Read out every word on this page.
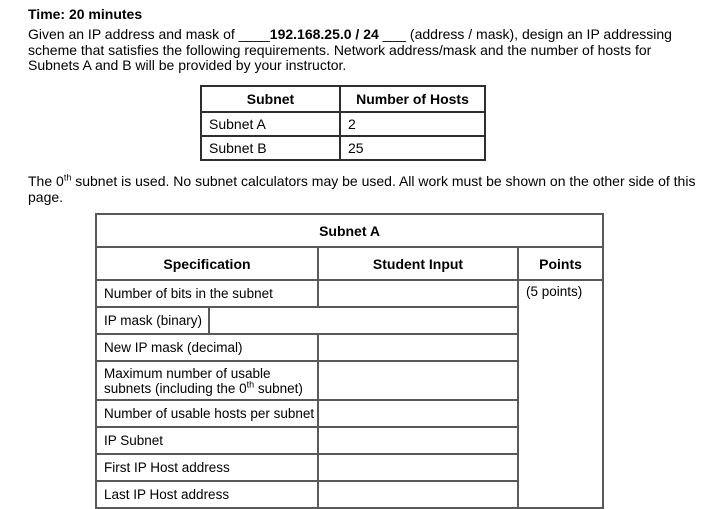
Time: 20 minutes
Given an IP address and mask of ____192.168.25.0 / 24 ___ (address / mask), design an IP addressing scheme that satisfies the following requirements. Network address/mask and the number of hosts for Subnets A and B will be provided by your instructor.
Subnet	Number of Hosts
Subnet A	2
Subnet B	25
The 0th subnet is used. No subnet calculators may be used. All work must be shown on the other side of this page.
Subnet A			
Specification		Student Input	Points
Number of bits in the subnet			(5 points)
IP mask (binary)			
New IP mask (decimal)			
Maximum number of usable subnets (including the 0th subnet)			
Number of usable hosts per subnet			
IP Subnet			
First IP Host address			
Last IP Host address			
